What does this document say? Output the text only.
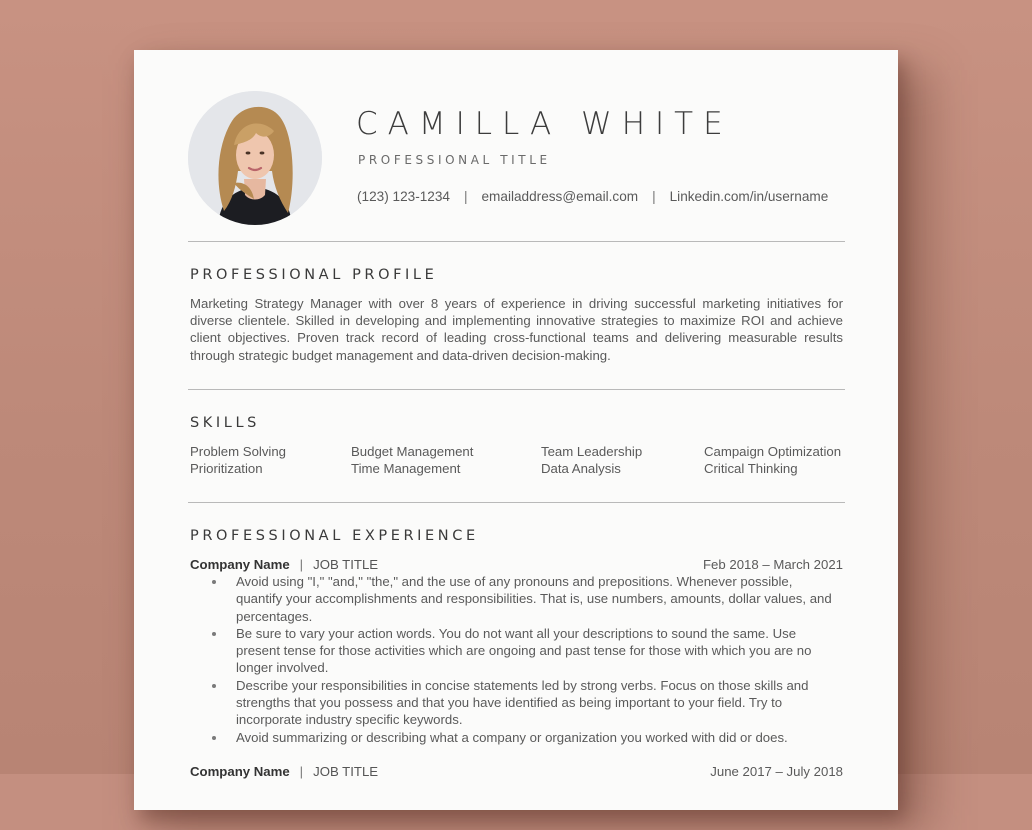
CAMILLA WHITE
PROFESSIONAL TITLE
(123) 123-1234 | emailaddress@email.com | Linkedin.com/in/username
PROFESSIONAL PROFILE

Marketing Strategy Manager with over 8 years of experience in driving successful marketing initiatives for diverse clientele. Skilled in developing and implementing innovative strategies to maximize ROI and achieve client objectives. Proven track record of leading cross-functional teams and delivering measurable results through strategic budget management and data-driven decision-making.

SKILLS
Problem Solving	Budget Management	Team Leadership	Campaign Optimization
Prioritization	Time Management	Data Analysis	Critical Thinking
PROFESSIONAL EXPERIENCE
Company Name | JOB TITLE	Feb 2018 – March 2021
Avoid using "I," "and," "the," and the use of any pronouns and prepositions. Whenever possible, quantify your accomplishments and responsibilities. That is, use numbers, amounts, dollar values, and percentages.
Be sure to vary your action words. You do not want all your descriptions to sound the same. Use present tense for those activities which are ongoing and past tense for those with which you are no longer involved.
Describe your responsibilities in concise statements led by strong verbs. Focus on those skills and strengths that you possess and that you have identified as being important to your field. Try to incorporate industry specific keywords.
Avoid summarizing or describing what a company or organization you worked with did or does.
Company Name | JOB TITLE	June 2017 – July 2018
